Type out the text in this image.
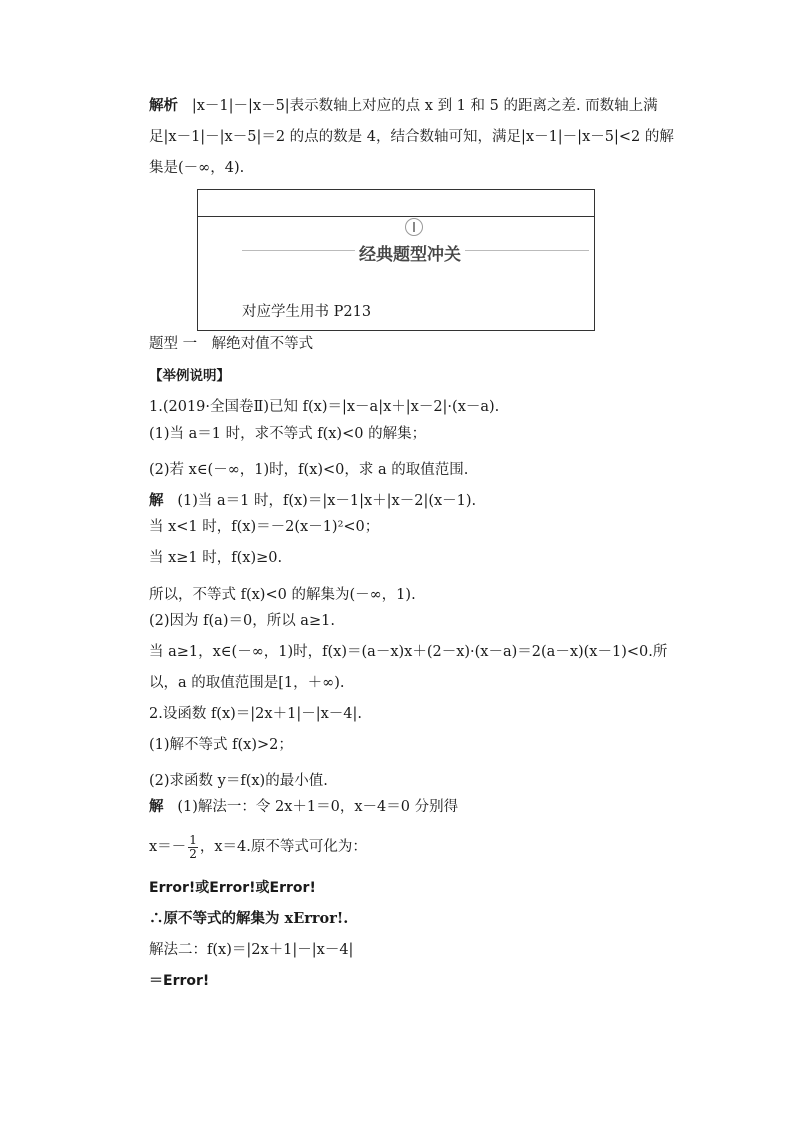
解析 |x－1|－|x－5|表示数轴上对应的点 x 到 1 和 5 的距离之差. 而数轴上满
足|x－1|－|x－5|＝2 的点的数是 4，结合数轴可知，满足|x－1|－|x－5|<2 的解
集是(－∞，4).
经典题型冲关
对应学生用书 P213
题型 一　解绝对值不等式
【举例说明】
1.(2019·全国卷Ⅱ)已知 f(x)＝|x－a|x＋|x－2|·(x－a).
(1)当 a＝1 时，求不等式 f(x)<0 的解集；
(2)若 x∈(－∞，1)时，f(x)<0，求 a 的取值范围.
解 (1)当 a＝1 时，f(x)＝|x－1|x＋|x－2|(x－1).
当 x<1 时，f(x)＝－2(x－1)²<0；
当 x≥1 时，f(x)≥0.
所以，不等式 f(x)<0 的解集为(－∞，1).
(2)因为 f(a)＝0，所以 a≥1.
当 a≥1，x∈(－∞，1)时，f(x)＝(a－x)x＋(2－x)·(x－a)＝2(a－x)(x－1)<0.所
以，a 的取值范围是[1，＋∞).
2.设函数 f(x)＝|2x＋1|－|x－4|.
(1)解不等式 f(x)>2；
(2)求函数 y＝f(x)的最小值.
解 (1)解法一：令 2x＋1＝0，x－4＝0 分别得
$x=- \frac{1}{2}$ ，x＝4.原不等式可化为：
Error!或Error!或Error!
∴原不等式的解集为 xError!.
解法二：f(x)＝|2x＋1|－|x－4|
＝Error!
